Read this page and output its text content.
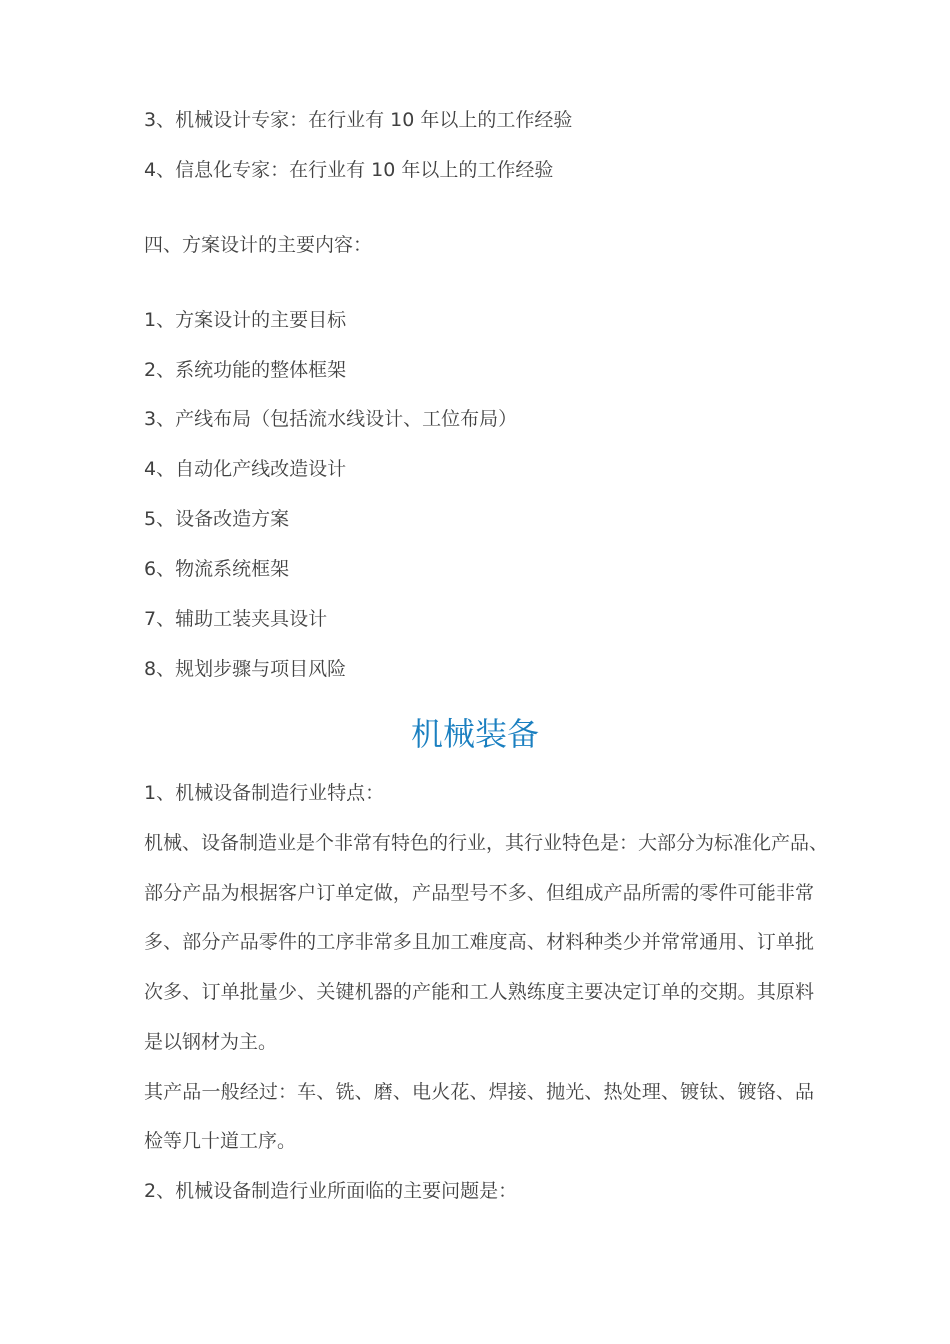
3、机械设计专家：在行业有 10 年以上的工作经验
4、信息化专家：在行业有 10 年以上的工作经验
四、方案设计的主要内容：
1、方案设计的主要目标
2、系统功能的整体框架
3、产线布局（包括流水线设计、工位布局）
4、自动化产线改造设计
5、设备改造方案
6、物流系统框架
7、辅助工装夹具设计
8、规划步骤与项目风险
机械装备
1、机械设备制造行业特点：
机械、设备制造业是个非常有特色的行业，其行业特色是：大部分为标准化产品、
部分产品为根据客户订单定做，产品型号不多、但组成产品所需的零件可能非常
多、部分产品零件的工序非常多且加工难度高、材料种类少并常常通用、订单批
次多、订单批量少、关键机器的产能和工人熟练度主要决定订单的交期。其原料
是以钢材为主。
其产品一般经过：车、铣、磨、电火花、焊接、抛光、热处理、镀钛、镀铬、品
检等几十道工序。
2、机械设备制造行业所面临的主要问题是：
